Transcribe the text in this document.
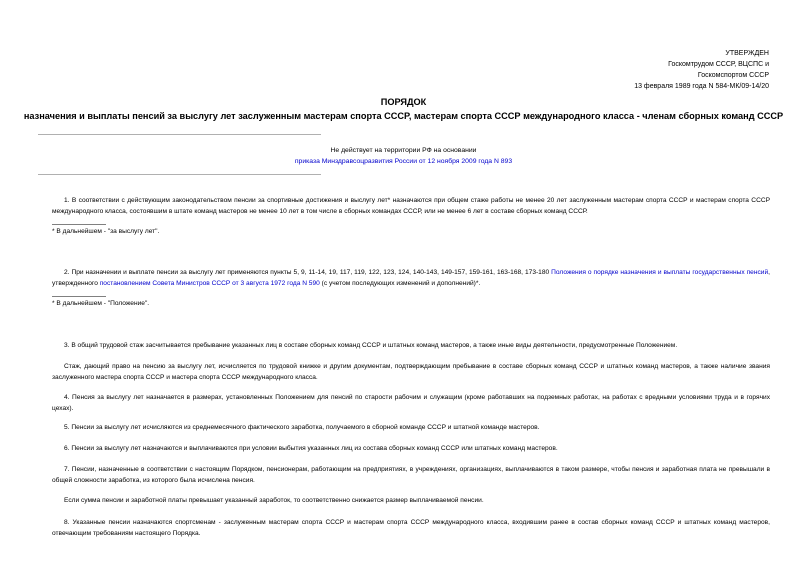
УТВЕРЖДЕН
Госкомтрудом СССР, ВЦСПС и
Госкомспортом СССР
13 февраля 1989 года N 584-МК/09-14/20
ПОРЯДОК
назначения и выплаты пенсий за выслугу лет заслуженным мастерам спорта СССР, мастерам спорта СССР международного класса - членам сборных команд СССР
Не действует на территории РФ на основании
приказа Минздравсоцразвития России от 12 ноября 2009 года N 893
1. В соответствии с действующим законодательством пенсии за спортивные достижения и выслугу лет* назначаются при общем стаже работы не менее 20 лет заслуженным мастерам спорта СССР и мастерам спорта СССР международного класса, состоявшим в штате команд мастеров не менее 10 лет в том числе в сборных командах СССР, или не менее 6 лет в составе сборных команд СССР.
* В дальнейшем - "за выслугу лет".
2. При назначении и выплате пенсии за выслугу лет применяются пункты 5, 9, 11-14, 19, 117, 119, 122, 123, 124, 140-143, 149-157, 159-161, 163-168, 173-180 Положения о порядке назначения и выплаты государственных пенсий, утвержденного постановлением Совета Министров СССР от 3 августа 1972 года N 590 (с учетом последующих изменений и дополнений)*.
* В дальнейшем - "Положение".
3. В общий трудовой стаж засчитывается пребывание указанных лиц в составе сборных команд СССР и штатных команд мастеров, а также иные виды деятельности, предусмотренные Положением.
Стаж, дающий право на пенсию за выслугу лет, исчисляется по трудовой книжке и другим документам, подтверждающим пребывание в составе сборных команд СССР и штатных команд мастеров, а также наличие звания заслуженного мастера спорта СССР и мастера спорта СССР международного класса.
4. Пенсия за выслугу лет назначается в размерах, установленных Положением для пенсий по старости рабочим и служащим (кроме работавших на подземных работах, на работах с вредными условиями труда и в горячих цехах).
5. Пенсии за выслугу лет исчисляются из среднемесячного фактического заработка, получаемого в сборной команде СССР и штатной команде мастеров.
6. Пенсии за выслугу лет назначаются и выплачиваются при условии выбытия указанных лиц из состава сборных команд СССР или штатных команд мастеров.
7. Пенсии, назначенные в соответствии с настоящим Порядком, пенсионерам, работающим на предприятиях, в учреждениях, организациях, выплачиваются в таком размере, чтобы пенсия и заработная плата не превышали в общей сложности заработка, из которого была исчислена пенсия.
Если сумма пенсии и заработной платы превышает указанный заработок, то соответственно снижается размер выплачиваемой пенсии.
8. Указанные пенсии назначаются спортсменам - заслуженным мастерам спорта СССР и мастерам спорта СССР международного класса, входившим ранее в состав сборных команд СССР и штатных команд мастеров, отвечающим требованиям настоящего Порядка.
